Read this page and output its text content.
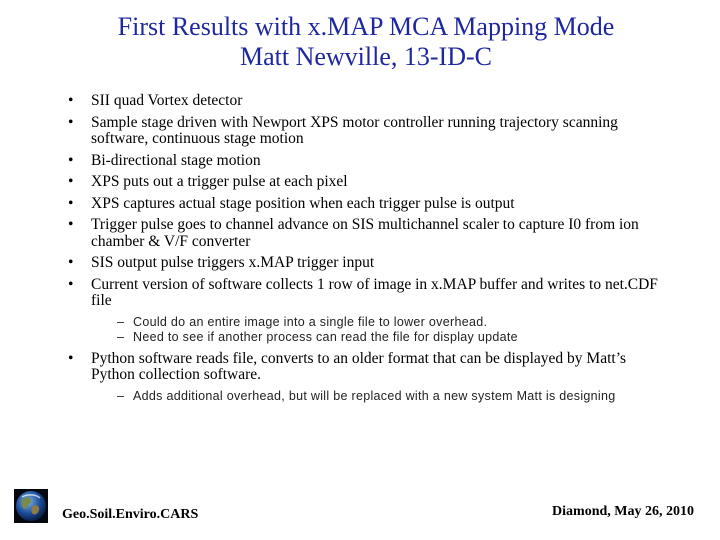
First Results with x.MAP MCA Mapping Mode
Matt Newville, 13-ID-C
• SII quad Vortex detector
• Sample stage driven with Newport XPS motor controller running trajectory scanning software, continuous stage motion
• Bi-directional stage motion
• XPS puts out a trigger pulse at each pixel
• XPS captures actual stage position when each trigger pulse is output
• Trigger pulse goes to channel advance on SIS multichannel scaler to capture I0 from ion chamber & V/F converter
• SIS output pulse triggers x.MAP trigger input
• Current version of software collects 1 row of image in x.MAP buffer and writes to net.CDF file
– Could do an entire image into a single file to lower overhead.
– Need to see if another process can read the file for display update
• Python software reads file, converts to an older format that can be displayed by Matt’s Python collection software.
– Adds additional overhead, but will be replaced with a new system Matt is designing
Geo.Soil.Enviro.CARS	Diamond, May 26, 2010
